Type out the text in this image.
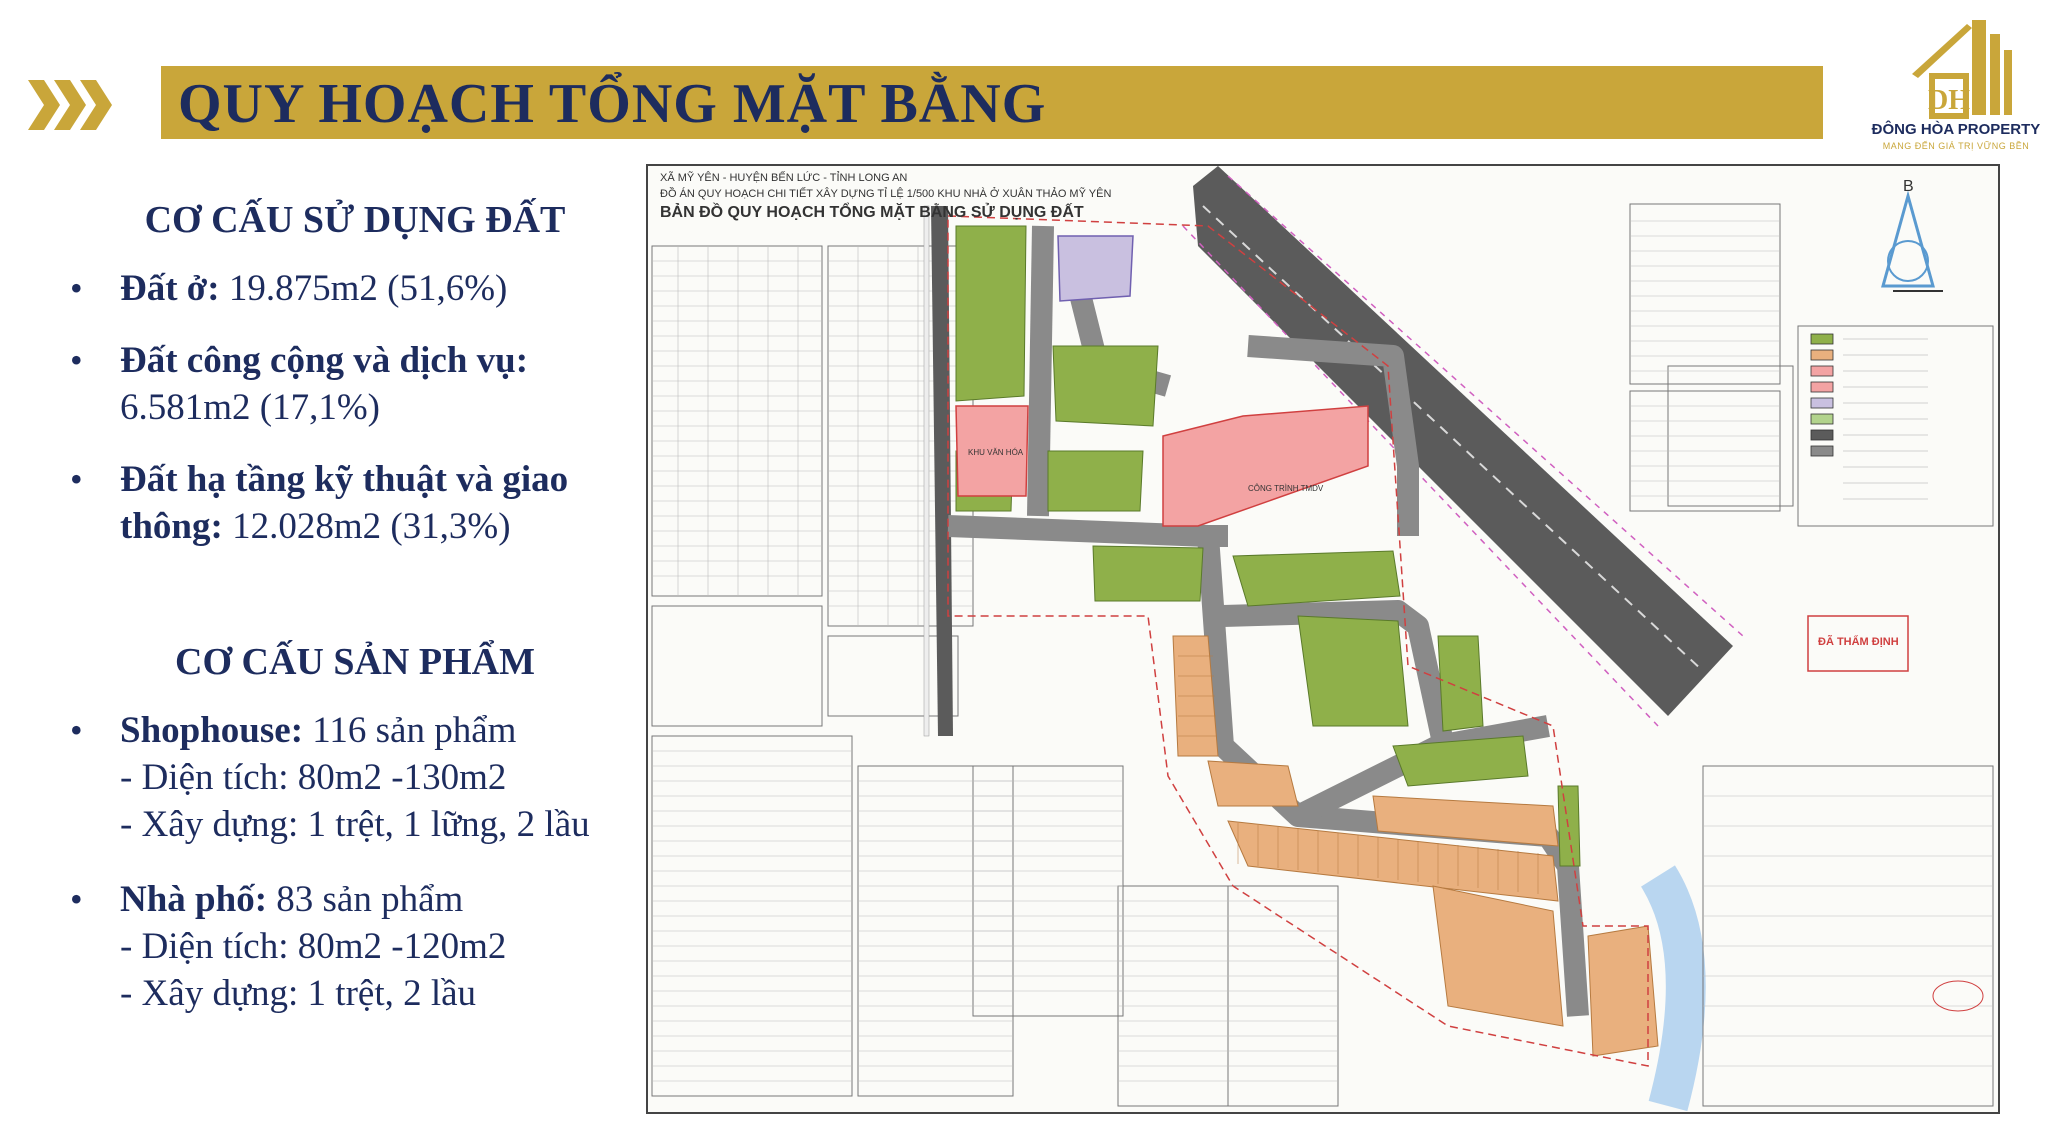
QUY HOẠCH TỔNG MẶT BẰNG	DH
ĐÔNG HÒA PROPERTY
MANG ĐẾN GIÁ TRỊ VỮNG BỀN
CƠ CẤU SỬ DỤNG ĐẤT
• Đất ở: 19.875m2 (51,6%)
• Đất công cộng và dịch vụ:
6.581m2 (17,1%)
• Đất hạ tầng kỹ thuật và giao thông: 12.028m2 (31,3%)
CƠ CẤU SẢN PHẨM
• Shophouse: 116 sản phẩm
- Diện tích: 80m2 -130m2
- Xây dựng: 1 trệt, 1 lững, 2 lầu
• Nhà phố: 83 sản phẩm
- Diện tích: 80m2 -120m2
- Xây dựng: 1 trệt, 2 lầu
XÃ MỸ YÊN - HUYỆN BẾN LỨC - TỈNH LONG AN
ĐỒ ÁN QUY HOẠCH CHI TIẾT XÂY DỰNG TỈ LỆ 1/500 KHU NHÀ Ở XUÂN THẢO MỸ YÊN
BẢN ĐỒ QUY HOẠCH TỔNG MẶT BẰNG SỬ DỤNG ĐẤT
KHU VĂN HÓA
CÔNG TRÌNH TMDV
B
ĐÃ THẨM ĐỊNH
